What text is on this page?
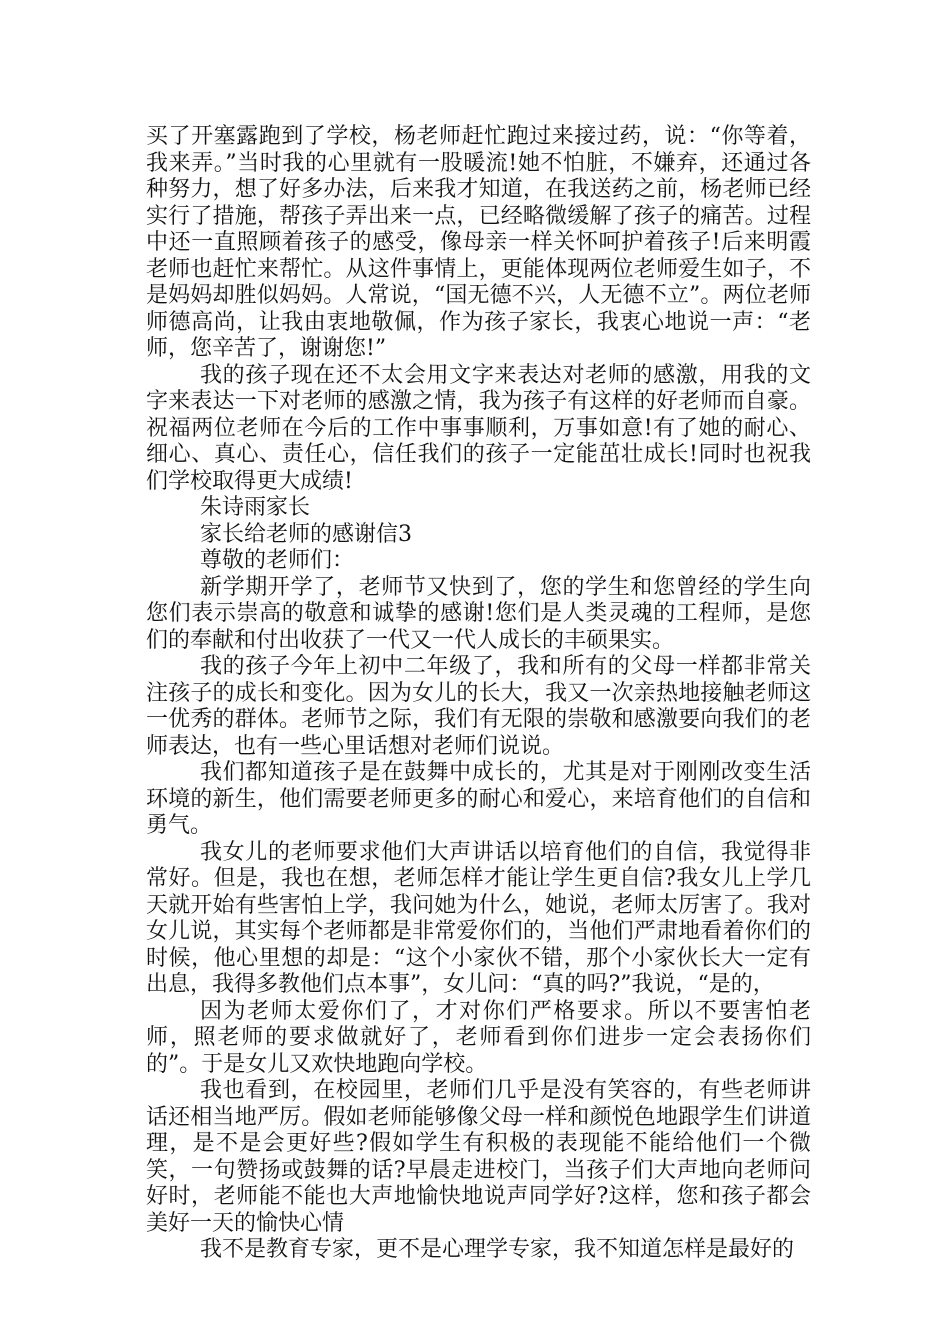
买了开塞露跑到了学校，杨老师赶忙跑过来接过药，说：“你等着，我来弄。”当时我的心里就有一股暖流!她不怕脏，不嫌弃，还通过各种努力，想了好多办法，后来我才知道，在我送药之前，杨老师已经实行了措施，帮孩子弄出来一点，已经略微缓解了孩子的痛苦。过程中还一直照顾着孩子的感受，像母亲一样关怀呵护着孩子!后来明霞老师也赶忙来帮忙。从这件事情上，更能体现两位老师爱生如子，不是妈妈却胜似妈妈。人常说，“国无德不兴，人无德不立”。两位老师师德高尚，让我由衷地敬佩，作为孩子家长，我衷心地说一声：“老师，您辛苦了，谢谢您!”

我的孩子现在还不太会用文字来表达对老师的感激，用我的文字来表达一下对老师的感激之情，我为孩子有这样的好老师而自豪。祝福两位老师在今后的工作中事事顺利，万事如意!有了她的耐心、细心、真心、责任心，信任我们的孩子一定能茁壮成长!同时也祝我们学校取得更大成绩!

朱诗雨家长

家长给老师的感谢信3

尊敬的老师们：

新学期开学了，老师节又快到了，您的学生和您曾经的学生向您们表示崇高的敬意和诚挚的感谢!您们是人类灵魂的工程师，是您们的奉献和付出收获了一代又一代人成长的丰硕果实。

我的孩子今年上初中二年级了，我和所有的父母一样都非常关注孩子的成长和变化。因为女儿的长大，我又一次亲热地接触老师这一优秀的群体。老师节之际，我们有无限的崇敬和感激要向我们的老师表达，也有一些心里话想对老师们说说。

我们都知道孩子是在鼓舞中成长的，尤其是对于刚刚改变生活环境的新生，他们需要老师更多的耐心和爱心，来培育他们的自信和勇气。

我女儿的老师要求他们大声讲话以培育他们的自信，我觉得非常好。但是，我也在想，老师怎样才能让学生更自信?我女儿上学几天就开始有些害怕上学，我问她为什么，她说，老师太厉害了。我对女儿说，其实每个老师都是非常爱你们的，当他们严肃地看着你们的时候，他心里想的却是：“这个小家伙不错，那个小家伙长大一定有出息，我得多教他们点本事”，女儿问：“真的吗?”我说，“是的，

因为老师太爱你们了，才对你们严格要求。所以不要害怕老师，照老师的要求做就好了，老师看到你们进步一定会表扬你们的”。于是女儿又欢快地跑向学校。

我也看到，在校园里，老师们几乎是没有笑容的，有些老师讲话还相当地严厉。假如老师能够像父母一样和颜悦色地跟学生们讲道理，是不是会更好些?假如学生有积极的表现能不能给他们一个微笑，一句赞扬或鼓舞的话?早晨走进校门，当孩子们大声地向老师问好时，老师能不能也大声地愉快地说声同学好?这样，您和孩子都会美好一天的愉快心情

我不是教育专家，更不是心理学专家，我不知道怎样是最好的
